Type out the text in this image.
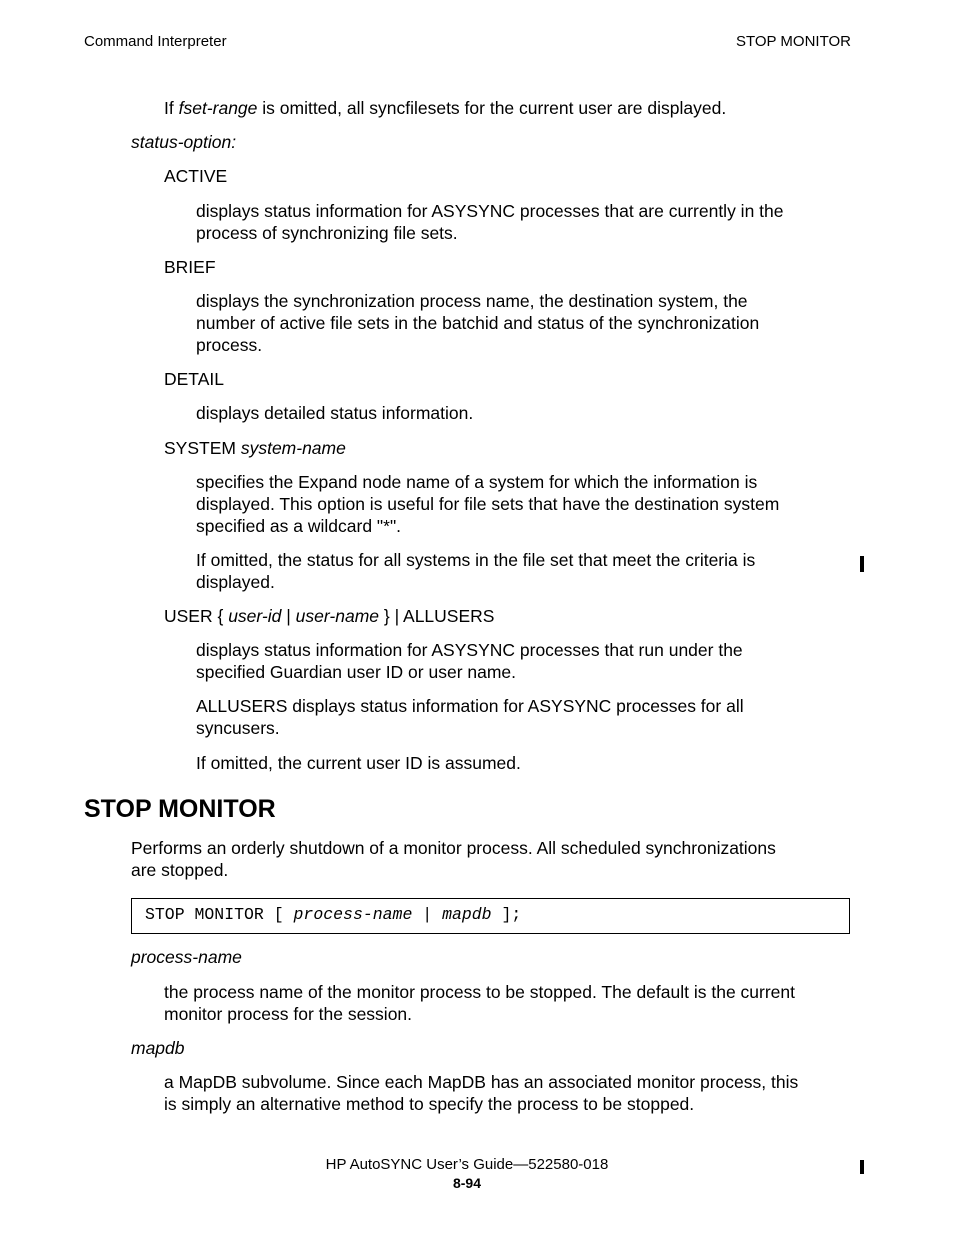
Command Interpreter	STOP MONITOR
If fset-range is omitted, all syncfilesets for the current user are displayed.
status-option:
ACTIVE
displays status information for ASYSYNC processes that are currently in the
process of synchronizing file sets.
BRIEF
displays the synchronization process name, the destination system, the
number of active file sets in the batchid and status of the synchronization
process.
DETAIL
displays detailed status information.
SYSTEM system-name
specifies the Expand node name of a system for which the information is
displayed. This option is useful for file sets that have the destination system
specified as a wildcard "*".
If omitted, the status for all systems in the file set that meet the criteria is
displayed.
USER { user-id | user-name } | ALLUSERS
displays status information for ASYSYNC processes that run under the
specified Guardian user ID or user name.
ALLUSERS displays status information for ASYSYNC processes for all
syncusers.
If omitted, the current user ID is assumed.
STOP MONITOR
Performs an orderly shutdown of a monitor process. All scheduled synchronizations
are stopped.
STOP MONITOR [ process-name | mapdb ];
process-name
the process name of the monitor process to be stopped. The default is the current
monitor process for the session.
mapdb
a MapDB subvolume. Since each MapDB has an associated monitor process, this
is simply an alternative method to specify the process to be stopped.
HP AutoSYNC User’s Guide—522580-018
8-94
